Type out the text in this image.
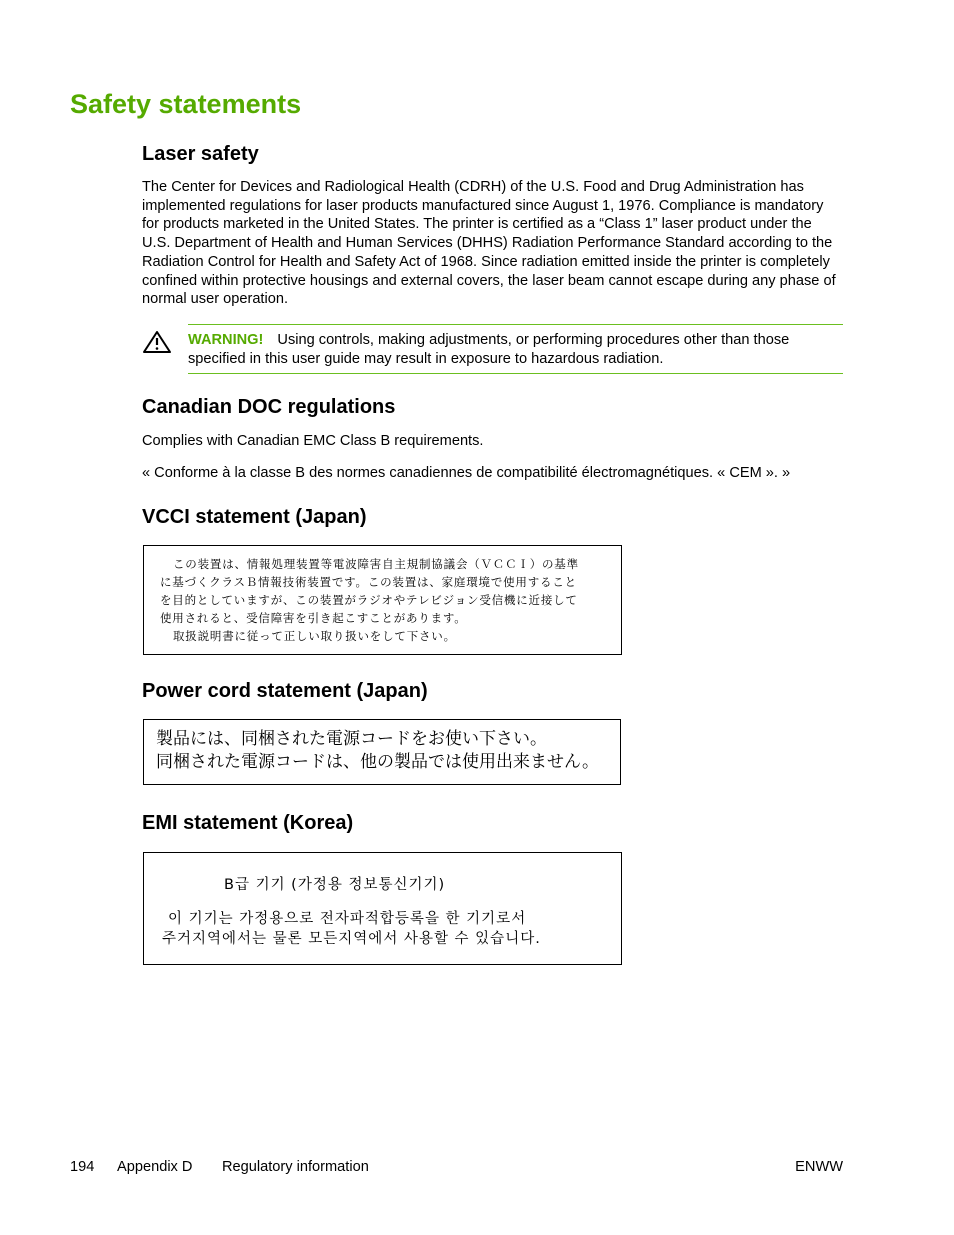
Safety statements
Laser safety

The Center for Devices and Radiological Health (CDRH) of the U.S. Food and Drug Administration has implemented regulations for laser products manufactured since August 1, 1976. Compliance is mandatory for products marketed in the United States. The printer is certified as a “Class 1” laser product under the U.S. Department of Health and Human Services (DHHS) Radiation Performance Standard according to the Radiation Control for Health and Safety Act of 1968. Since radiation emitted inside the printer is completely confined within protective housings and external covers, the laser beam cannot escape during any phase of normal user operation.

WARNING! Using controls, making adjustments, or performing procedures other than those specified in this user guide may result in exposure to hazardous radiation.
Canadian DOC regulations

Complies with Canadian EMC Class B requirements.

« Conforme à la classe B des normes canadiennes de compatibilité électromagnétiques. « CEM ». »

VCCI statement (Japan)
この装置は、情報処理装置等電波障害自主規制協議会（ＶＣＣＩ）の基準
に基づくクラスＢ情報技術装置です。この装置は、家庭環境で使用すること
を目的としていますが、この装置がラジオやテレビジョン受信機に近接して
使用されると、受信障害を引き起こすことがあります。
取扱説明書に従って正しい取り扱いをして下さい。
Power cord statement (Japan)
製品には、同梱された電源コードをお使い下さい。
同梱された電源コードは、他の製品では使用出来ません。
EMI statement (Korea)
B급 기기 (가정용 정보통신기기)
이 기기는 가정용으로 전자파적합등록을 한 기기로서
주거지역에서는 물론 모든지역에서 사용할 수 있습니다.
194 Appendix D Regulatory information	ENWW
